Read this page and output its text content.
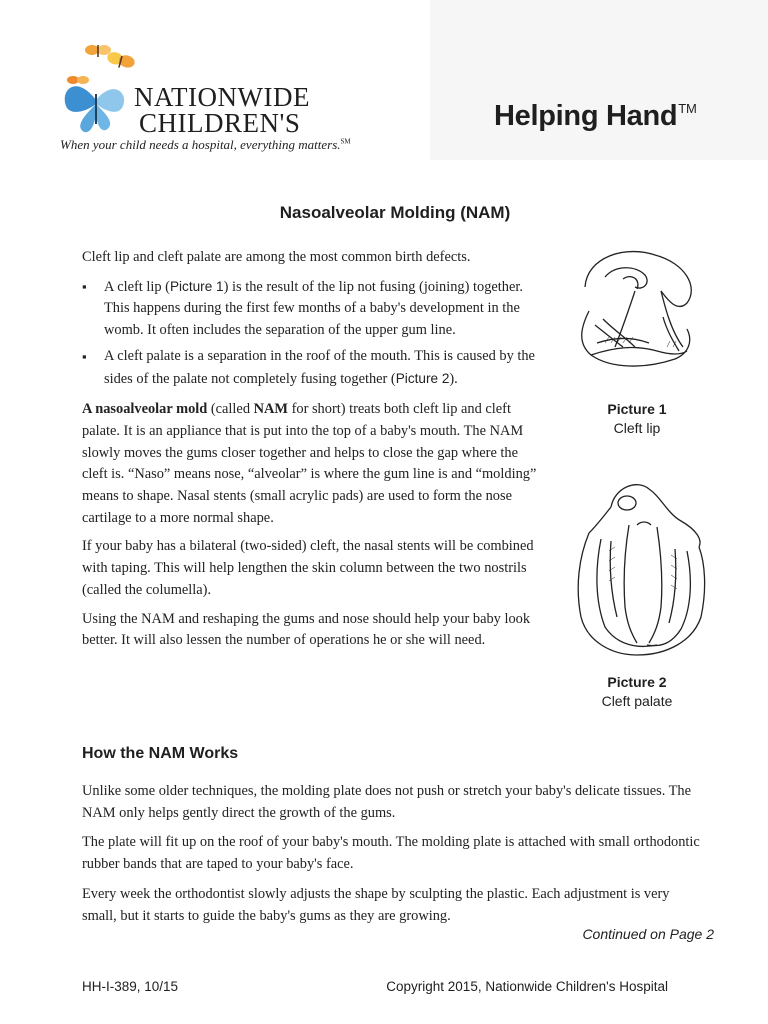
NATIONWIDE
CHILDREN'S
When your child needs a hospital, everything matters.℠
Helping Hand™
Nasoalveolar Molding (NAM)

Cleft lip and cleft palate are among the most common birth defects.

▪ A cleft lip (Picture 1) is the result of the lip not fusing (joining) together. This happens during the first few months of a baby's development in the womb. It often includes the separation of the upper gum line.
▪ A cleft palate is a separation in the roof of the mouth. This is caused by the sides of the palate not completely fusing together (Picture 2).

A nasoalveolar mold (called NAM for short) treats both cleft lip and cleft palate. It is an appliance that is put into the top of a baby's mouth. The NAM slowly moves the gums closer together and helps to close the gap where the cleft is. “Naso” means nose, “alveolar” is where the gum line is and “molding” means to shape. Nasal stents (small acrylic pads) are used to form the nose cartilage to a more normal shape.

If your baby has a bilateral (two-sided) cleft, the nasal stents will be combined with taping. This will help lengthen the skin column between the two nostrils (called the columella).

Using the NAM and reshaping the gums and nose should help your baby look better. It will also lessen the number of operations he or she will need.

Picture 1
Cleft lip
Picture 2
Cleft palate
How the NAM Works

Unlike some older techniques, the molding plate does not push or stretch your baby's delicate tissues. The NAM only helps gently direct the growth of the gums.

The plate will fit up on the roof of your baby's mouth. The molding plate is attached with small orthodontic rubber bands that are taped to your baby's face.

Every week the orthodontist slowly adjusts the shape by sculpting the plastic. Each adjustment is very small, but it starts to guide the baby's gums as they are growing.

Continued on Page 2
HH-I-389, 10/15	Copyright 2015, Nationwide Children's Hospital
